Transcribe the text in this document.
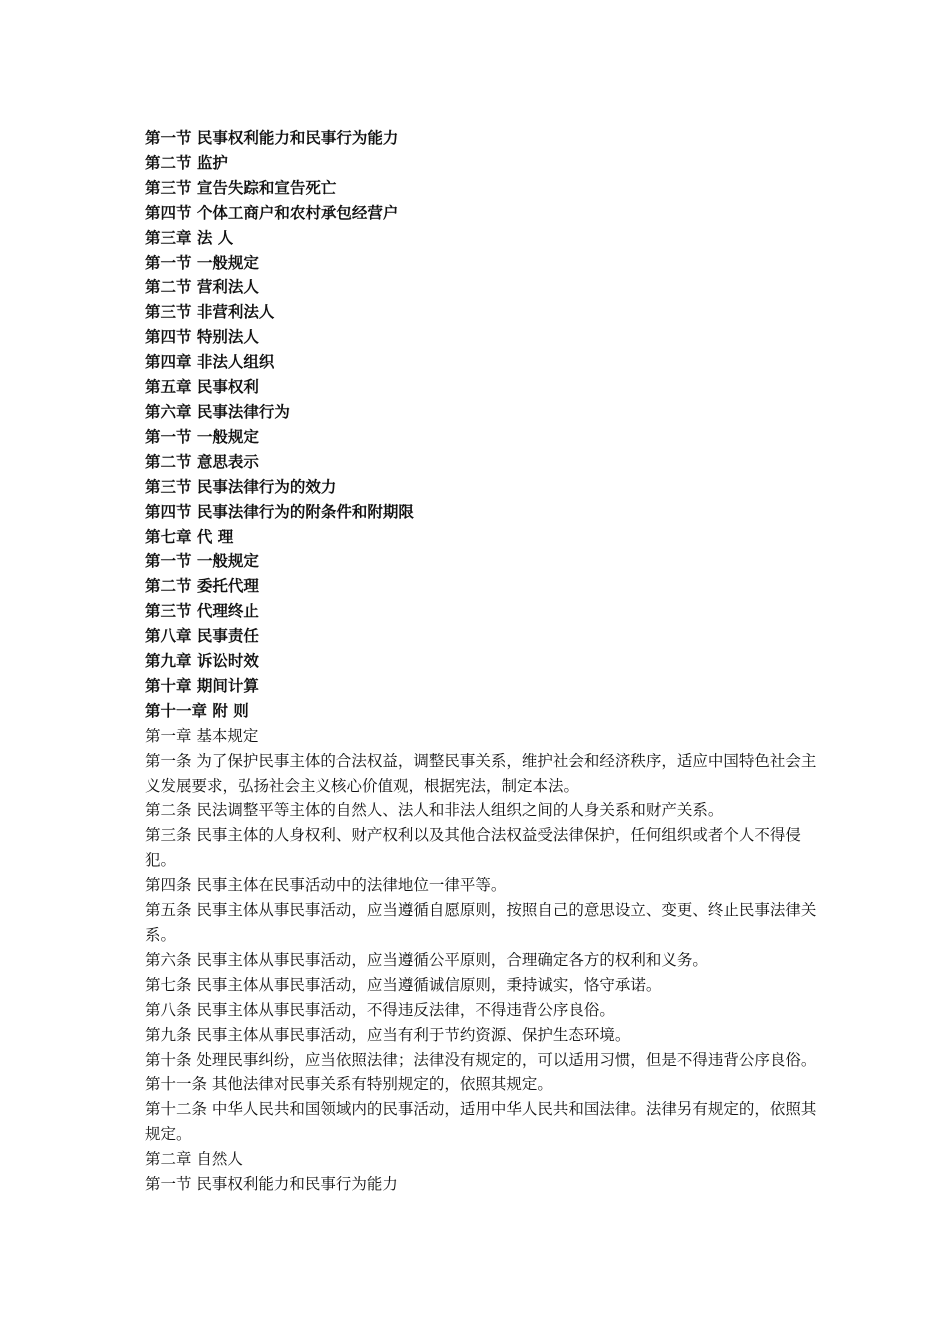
第一节 民事权利能力和民事行为能力
第二节 监护
第三节 宣告失踪和宣告死亡
第四节 个体工商户和农村承包经营户
第三章 法 人
第一节 一般规定
第二节 营利法人
第三节 非营利法人
第四节 特别法人
第四章 非法人组织
第五章 民事权利
第六章 民事法律行为
第一节 一般规定
第二节 意思表示
第三节 民事法律行为的效力
第四节 民事法律行为的附条件和附期限
第七章 代 理
第一节 一般规定
第二节 委托代理
第三节 代理终止
第八章 民事责任
第九章 诉讼时效
第十章 期间计算
第十一章 附 则
第一章 基本规定
第一条 为了保护民事主体的合法权益，调整民事关系，维护社会和经济秩序，适应中国特色社会主义发展要求，弘扬社会主义核心价值观，根据宪法，制定本法。
第二条 民法调整平等主体的自然人、法人和非法人组织之间的人身关系和财产关系。
第三条 民事主体的人身权利、财产权利以及其他合法权益受法律保护，任何组织或者个人不得侵犯。
第四条 民事主体在民事活动中的法律地位一律平等。
第五条 民事主体从事民事活动，应当遵循自愿原则，按照自己的意思设立、变更、终止民事法律关系。
第六条 民事主体从事民事活动，应当遵循公平原则，合理确定各方的权利和义务。
第七条 民事主体从事民事活动，应当遵循诚信原则，秉持诚实，恪守承诺。
第八条 民事主体从事民事活动，不得违反法律，不得违背公序良俗。
第九条 民事主体从事民事活动，应当有利于节约资源、保护生态环境。
第十条 处理民事纠纷，应当依照法律；法律没有规定的，可以适用习惯，但是不得违背公序良俗。
第十一条 其他法律对民事关系有特别规定的，依照其规定。
第十二条 中华人民共和国领域内的民事活动，适用中华人民共和国法律。法律另有规定的，依照其规定。
第二章 自然人
第一节 民事权利能力和民事行为能力
